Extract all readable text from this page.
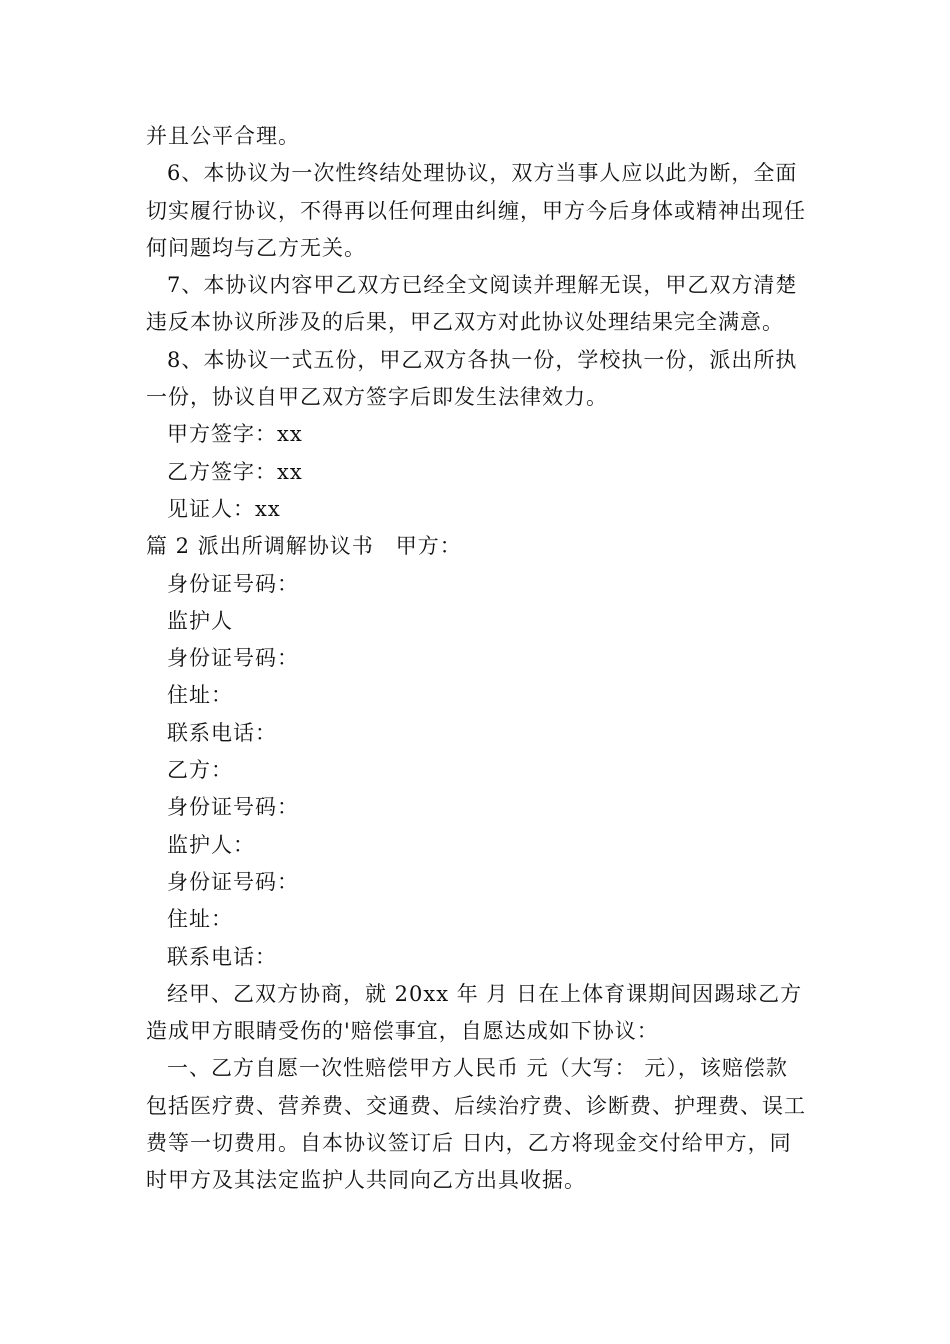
并且公平合理。

6、本协议为一次性终结处理协议，双方当事人应以此为断，全面切实履行协议，不得再以任何理由纠缠，甲方今后身体或精神出现任何问题均与乙方无关。

7、本协议内容甲乙双方已经全文阅读并理解无误，甲乙双方清楚违反本协议所涉及的后果，甲乙双方对此协议处理结果完全满意。

8、本协议一式五份，甲乙双方各执一份，学校执一份，派出所执一份，协议自甲乙双方签字后即发生法律效力。

甲方签字：xx

乙方签字：xx

见证人：xx

篇 2 派出所调解协议书　甲方：

身份证号码：

监护人

身份证号码：

住址：

联系电话：

乙方：

身份证号码：

监护人：

身份证号码：

住址：

联系电话：

经甲、乙双方协商，就 20xx 年 月 日在上体育课期间因踢球乙方造成甲方眼睛受伤的'赔偿事宜，自愿达成如下协议：

一、乙方自愿一次性赔偿甲方人民币 元（大写： 元），该赔偿款包括医疗费、营养费、交通费、后续治疗费、诊断费、护理费、误工费等一切费用。自本协议签订后 日内，乙方将现金交付给甲方，同时甲方及其法定监护人共同向乙方出具收据。
